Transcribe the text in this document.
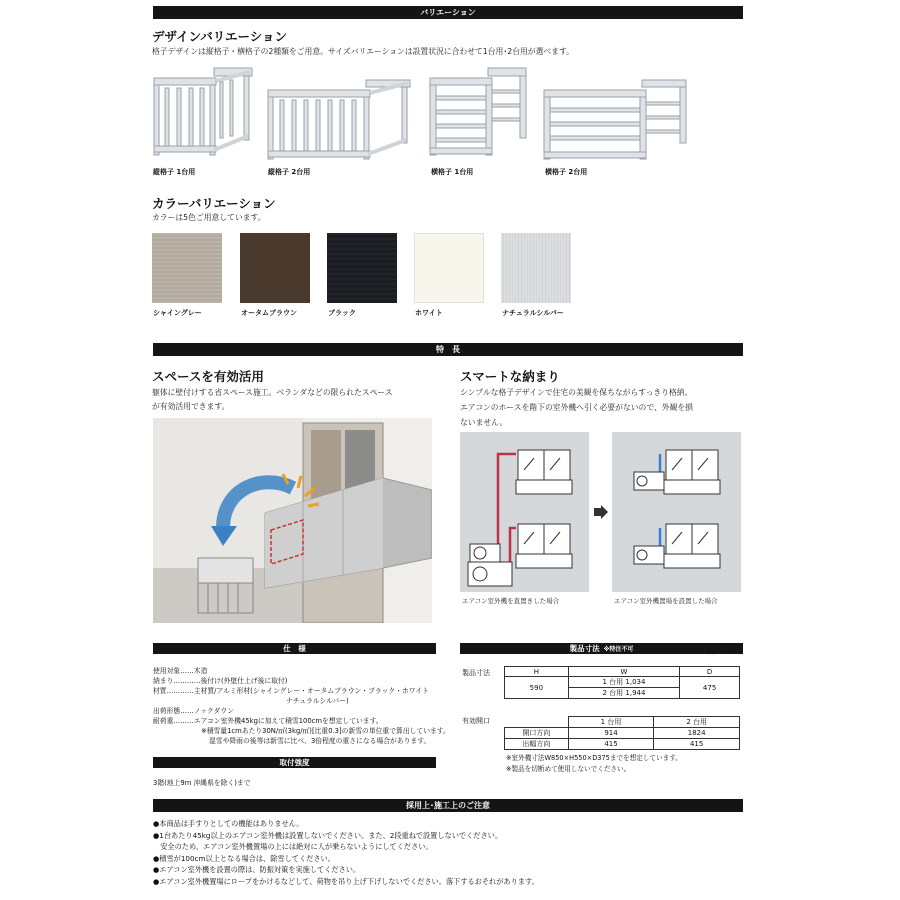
バリエーション
デザインバリエーション
格子デザインは縦格子・横格子の2種類をご用意。サイズバリエーションは設置状況に合わせて1台用･2台用が選べます。
縦格子 1台用	縦格子 2台用	横格子 1台用	横格子 2台用
カラーバリエーション
カラーは5色ご用意しています。
シャイングレー	オータムブラウン	ブラック	ホワイト	ナチュラルシルバー
特　長
スペースを有効活用
躯体に壁付けする省スペース施工。ベランダなどの限られたスペース
が有効活用できます。
スマートな納まり
シンプルな格子デザインで住宅の美観を保ちながらすっきり格納。
エアコンのホースを階下の室外機へ引く必要がないので、外観を損
ないません。
エアコン室外機を直置きした場合	エアコン室外機置場を設置した場合
仕　様
使用対象……木造
納まり…………後付け(外壁仕上げ後に取付)
材質…………主材質/アルミ形材(シャイングレー・オータムブラウン・ブラック・ホワイト
ナチュラルシルバー)
出荷形態……ノックダウン
耐荷重………エアコン室外機45kgに加えて積雪100cmを想定しています。
※積雪量1cmあたり30N/㎡(3kg/㎡)[比重0.3]の新雪の単位重で算出しています。
湿雪や降雨の後等は新雪に比べ、3倍程度の重さになる場合があります。
取付強度
3階(地上9m 沖縄県を除く)まで
製品寸法 ※特注不可	単位：mm
製品寸法	H	W	D
590	1 台用 1,034	475
	2 台用 1,944	
有効開口
		1 台用	2 台用
開口方向	914	1824
出幅方向	415	415
※室外機寸法W850×H550×D375までを想定しています。
※製品を切断めて使用しないでください。
採用上･施工上のご注意
●本商品は手すりとしての機能はありません。
●1台あたり45kg以上のエアコン室外機は設置しないでください。また、2段重ねで設置しないでください。
　安全のため、エアコン室外機置場の上には絶対に人が乗らないようにしてください。
●積雪が100cm以上となる場合は、除雪してください。
●エアコン室外機を設置の際は、防振対策を実施してください。
●エアコン室外機置場にロープをかけるなどして、荷物を吊り上げ下げしないでください。落下するおそれがあります。
